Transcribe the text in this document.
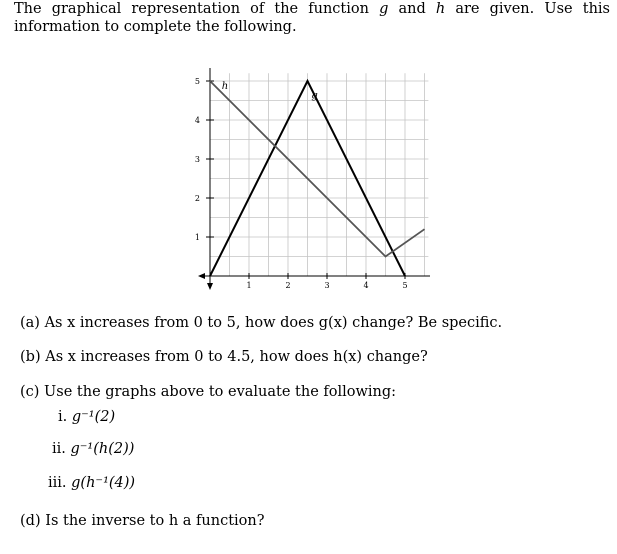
The graphical representation of the function g and h are given. Use this information to complete the following.
1	2	3	4	5
1
2
3
4
5
g
h
(a) As x increases from 0 to 5, how does g(x) change? Be specific.
(b) As x increases from 0 to 4.5, how does h(x) change?
(c) Use the graphs above to evaluate the following:
i. g⁻¹(2)
ii. g⁻¹(h(2))
iii. g(h⁻¹(4))
(d) Is the inverse to h a function?
